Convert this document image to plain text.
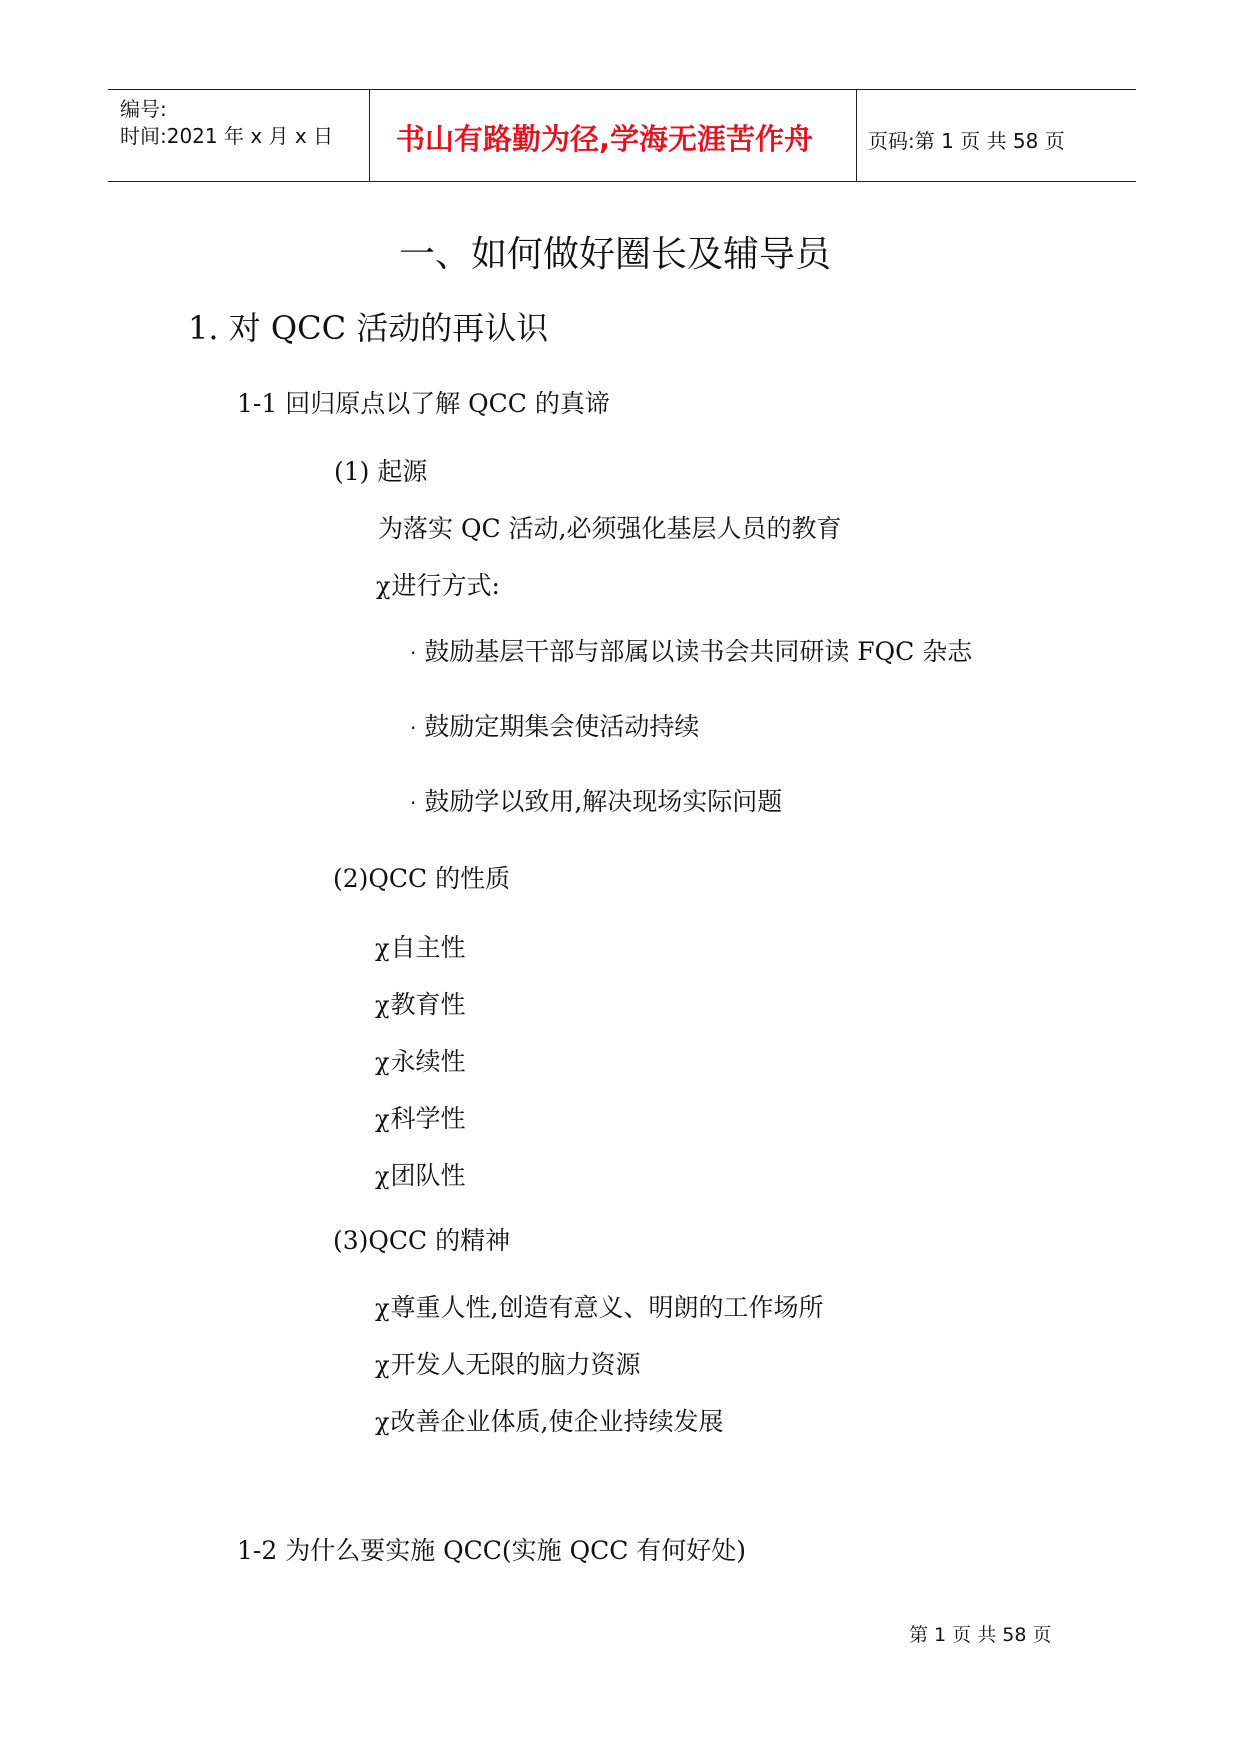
编号:
时间:2021 年 x 月 x 日 书山有路勤为径,学海无涯苦作舟	页码:第 1 页 共 58 页
一、如何做好圈长及辅导员
1. 对 QCC 活动的再认识
1-1 回归原点以了解 QCC 的真谛
(1) 起源
为落实 QC 活动,必须强化基层人员的教育
χ进行方式:
· 鼓励基层干部与部属以读书会共同研读 FQC 杂志
· 鼓励定期集会使活动持续
· 鼓励学以致用,解决现场实际问题
(2)QCC 的性质
χ自主性
χ教育性
χ永续性
χ科学性
χ团队性
(3)QCC 的精神
χ尊重人性,创造有意义、明朗的工作场所
χ开发人无限的脑力资源
χ改善企业体质,使企业持续发展
1-2 为什么要实施 QCC(实施 QCC 有何好处)
第 1 页 共 58 页
